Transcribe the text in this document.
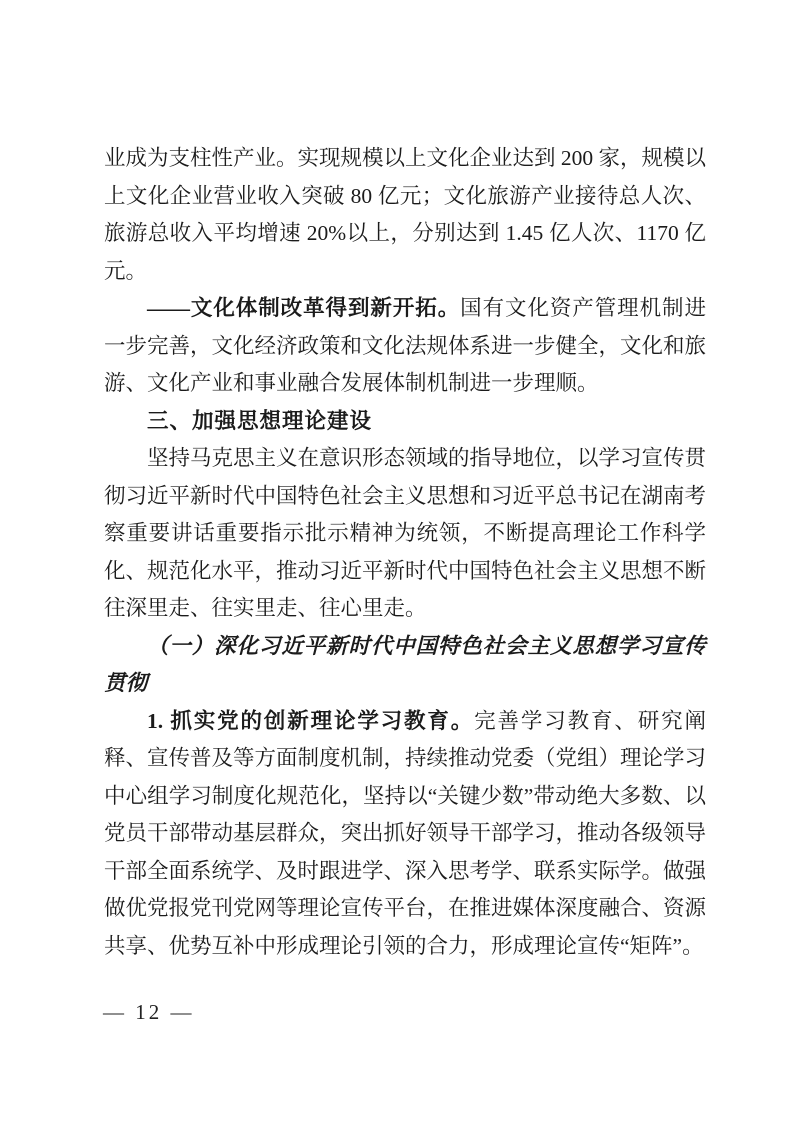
业成为支柱性产业。实现规模以上文化企业达到 200 家，规模以上文化企业营业收入突破 80 亿元；文化旅游产业接待总人次、旅游总收入平均增速 20%以上，分别达到 1.45 亿人次、1170 亿元。

——文化体制改革得到新开拓。国有文化资产管理机制进一步完善，文化经济政策和文化法规体系进一步健全，文化和旅游、文化产业和事业融合发展体制机制进一步理顺。

三、加强思想理论建设

坚持马克思主义在意识形态领域的指导地位，以学习宣传贯彻习近平新时代中国特色社会主义思想和习近平总书记在湖南考察重要讲话重要指示批示精神为统领，不断提高理论工作科学化、规范化水平，推动习近平新时代中国特色社会主义思想不断往深里走、往实里走、往心里走。

（一）深化习近平新时代中国特色社会主义思想学习宣传贯彻

1. 抓实党的创新理论学习教育。完善学习教育、研究阐释、宣传普及等方面制度机制，持续推动党委（党组）理论学习中心组学习制度化规范化，坚持以“关键少数”带动绝大多数、以党员干部带动基层群众，突出抓好领导干部学习，推动各级领导干部全面系统学、及时跟进学、深入思考学、联系实际学。做强做优党报党刊党网等理论宣传平台，在推进媒体深度融合、资源共享、优势互补中形成理论引领的合力，形成理论宣传“矩阵”。

— 12 —
